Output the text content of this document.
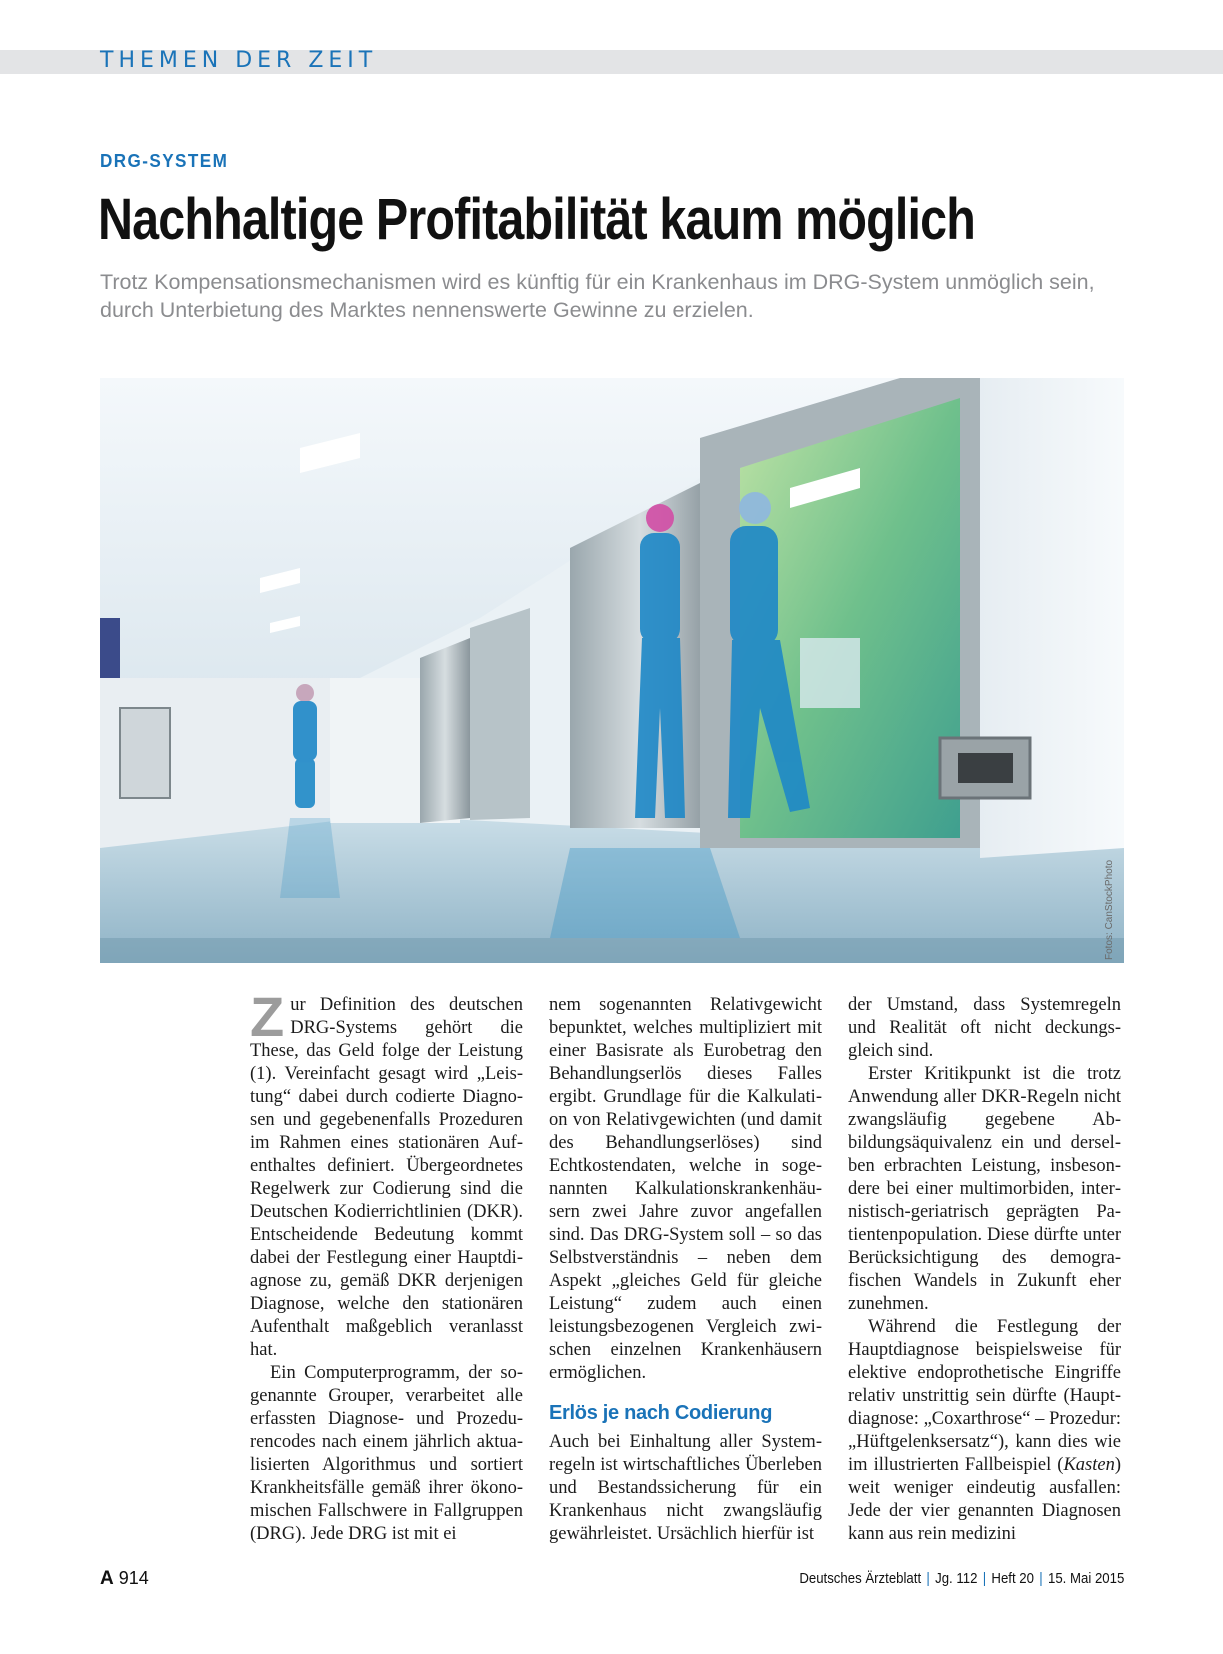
THEMEN DER ZEIT
DRG-SYSTEM
Nachhaltige Profitabilität kaum möglich
Trotz Kompensationsmechanismen wird es künftig für ein Krankenhaus im DRG-System unmöglich sein, durch Unterbietung des Marktes nennenswerte Gewinne zu erzielen.
Fotos: CanStockPhoto

Zur Definition des deutschen DRG-Systems gehört die These, das Geld folge der Leistung (1). Vereinfacht gesagt wird „Leistung“ dabei durch codierte Diagnosen und gegebenenfalls Prozeduren im Rahmen eines stationären Aufenthaltes definiert. Übergeordnetes Regelwerk zur Codierung sind die Deutschen Kodierrichtlinien (DKR). Entscheidende Bedeutung kommt dabei der Festlegung einer Hauptdiagnose zu, gemäß DKR derjenigen Diagnose, welche den stationären Aufenthalt maßgeblich veranlasst hat.

Ein Computerprogramm, der sogenannte Grouper, verarbeitet alle erfassten Diagnose- und Prozedurencodes nach einem jährlich aktualisierten Algorithmus und sortiert Krankheitsfälle gemäß ihrer ökonomischen Fallschwere in Fallgruppen (DRG). Jede DRG ist mit ei

nem sogenannten Relativgewicht bepunktet, welches multipliziert mit einer Basisrate als Eurobetrag den Behandlungserlös dieses Falles ergibt. Grundlage für die Kalkulation von Relativgewichten (und damit des Behandlungserlöses) sind Echtkostendaten, welche in sogenannten Kalkulationskrankenhäusern zwei Jahre zuvor angefallen sind. Das DRG-System soll – so das Selbstverständnis – neben dem Aspekt „gleiches Geld für gleiche Leistung“ zudem auch einen leistungsbezogenen Vergleich zwischen einzelnen Krankenhäusern ermöglichen.

Erlös je nach Codierung

Auch bei Einhaltung aller Systemregeln ist wirtschaftliches Überleben und Bestandssicherung für ein Krankenhaus nicht zwangsläufig gewährleistet. Ursächlich hierfür ist

der Umstand, dass Systemregeln und Realität oft nicht deckungsgleich sind.

Erster Kritikpunkt ist die trotz Anwendung aller DKR-Regeln nicht zwangsläufig gegebene Abbildungsäquivalenz ein und derselben erbrachten Leistung, insbesondere bei einer multimorbiden, internistisch-geriatrisch geprägten Patientenpopulation. Diese dürfte unter Berücksichtigung des demografischen Wandels in Zukunft eher zunehmen.

Während die Festlegung der Hauptdiagnose beispielsweise für elektive endoprothetische Eingriffe relativ unstrittig sein dürfte (Hauptdiagnose: „Coxarthrose“ – Prozedur: „Hüftgelenksersatz“), kann dies wie im illustrierten Fallbeispiel (Kasten) weit weniger eindeutig ausfallen: Jede der vier genannten Diagnosen kann aus rein medizini

A 914	Deutsches Ärzteblatt | Jg. 112 | Heft 20 | 15. Mai 2015
